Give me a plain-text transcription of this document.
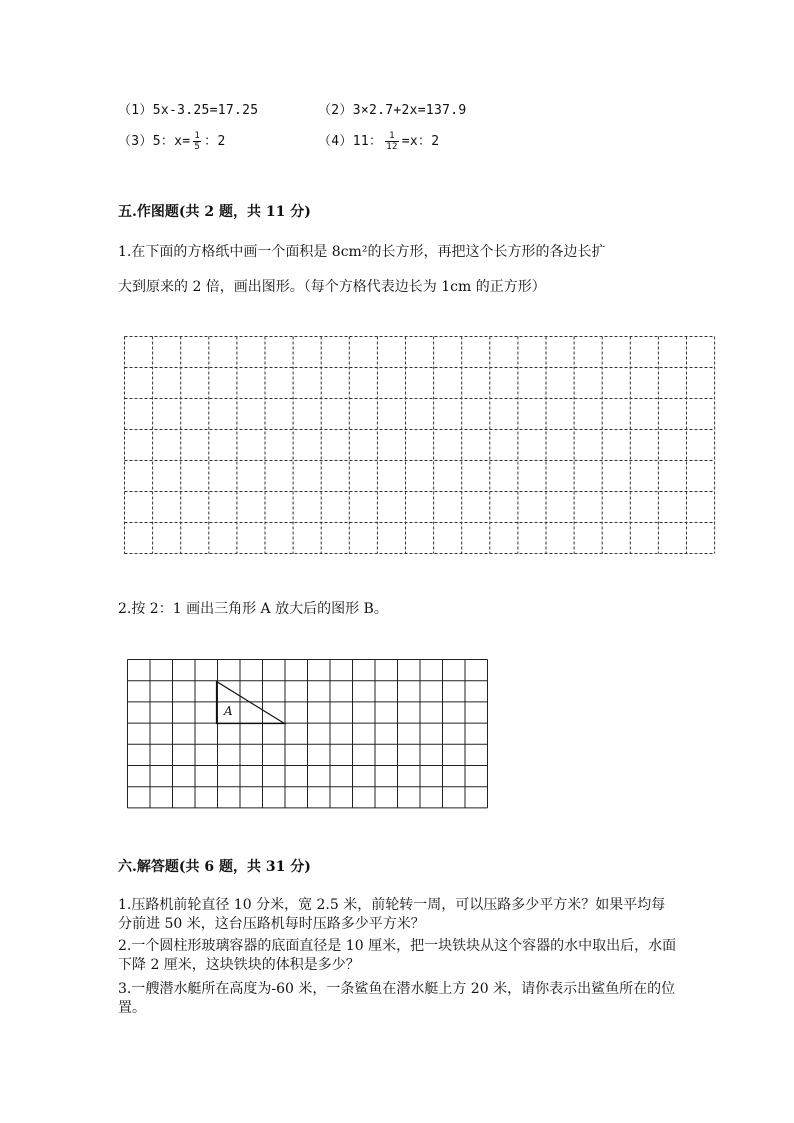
（1）5x-3.25=17.25	（2）3×2.7+2x=137.9
（3）5：$x= \frac{1}{5}$ ：2	（4）11： $\frac{1}{12} =x$：2
五.作图题(共 2 题，共 11 分)
1.在下面的方格纸中画一个面积是 8cm²的长方形，再把这个长方形的各边长扩
大到原来的 2 倍，画出图形。（每个方格代表边长为 1cm 的正方形）
2.按 2：1 画出三角形 A 放大后的图形 B。
A
六.解答题(共 6 题，共 31 分)
1.压路机前轮直径 10 分米，宽 2.5 米，前轮转一周，可以压路多少平方米？如果平均每分前进 50 米，这台压路机每时压路多少平方米？
2.一个圆柱形玻璃容器的底面直径是 10 厘米，把一块铁块从这个容器的水中取出后，水面下降 2 厘米，这块铁块的体积是多少？
3.一艘潜水艇所在高度为-60 米，一条鲨鱼在潜水艇上方 20 米，请你表示出鲨鱼所在的位置。
